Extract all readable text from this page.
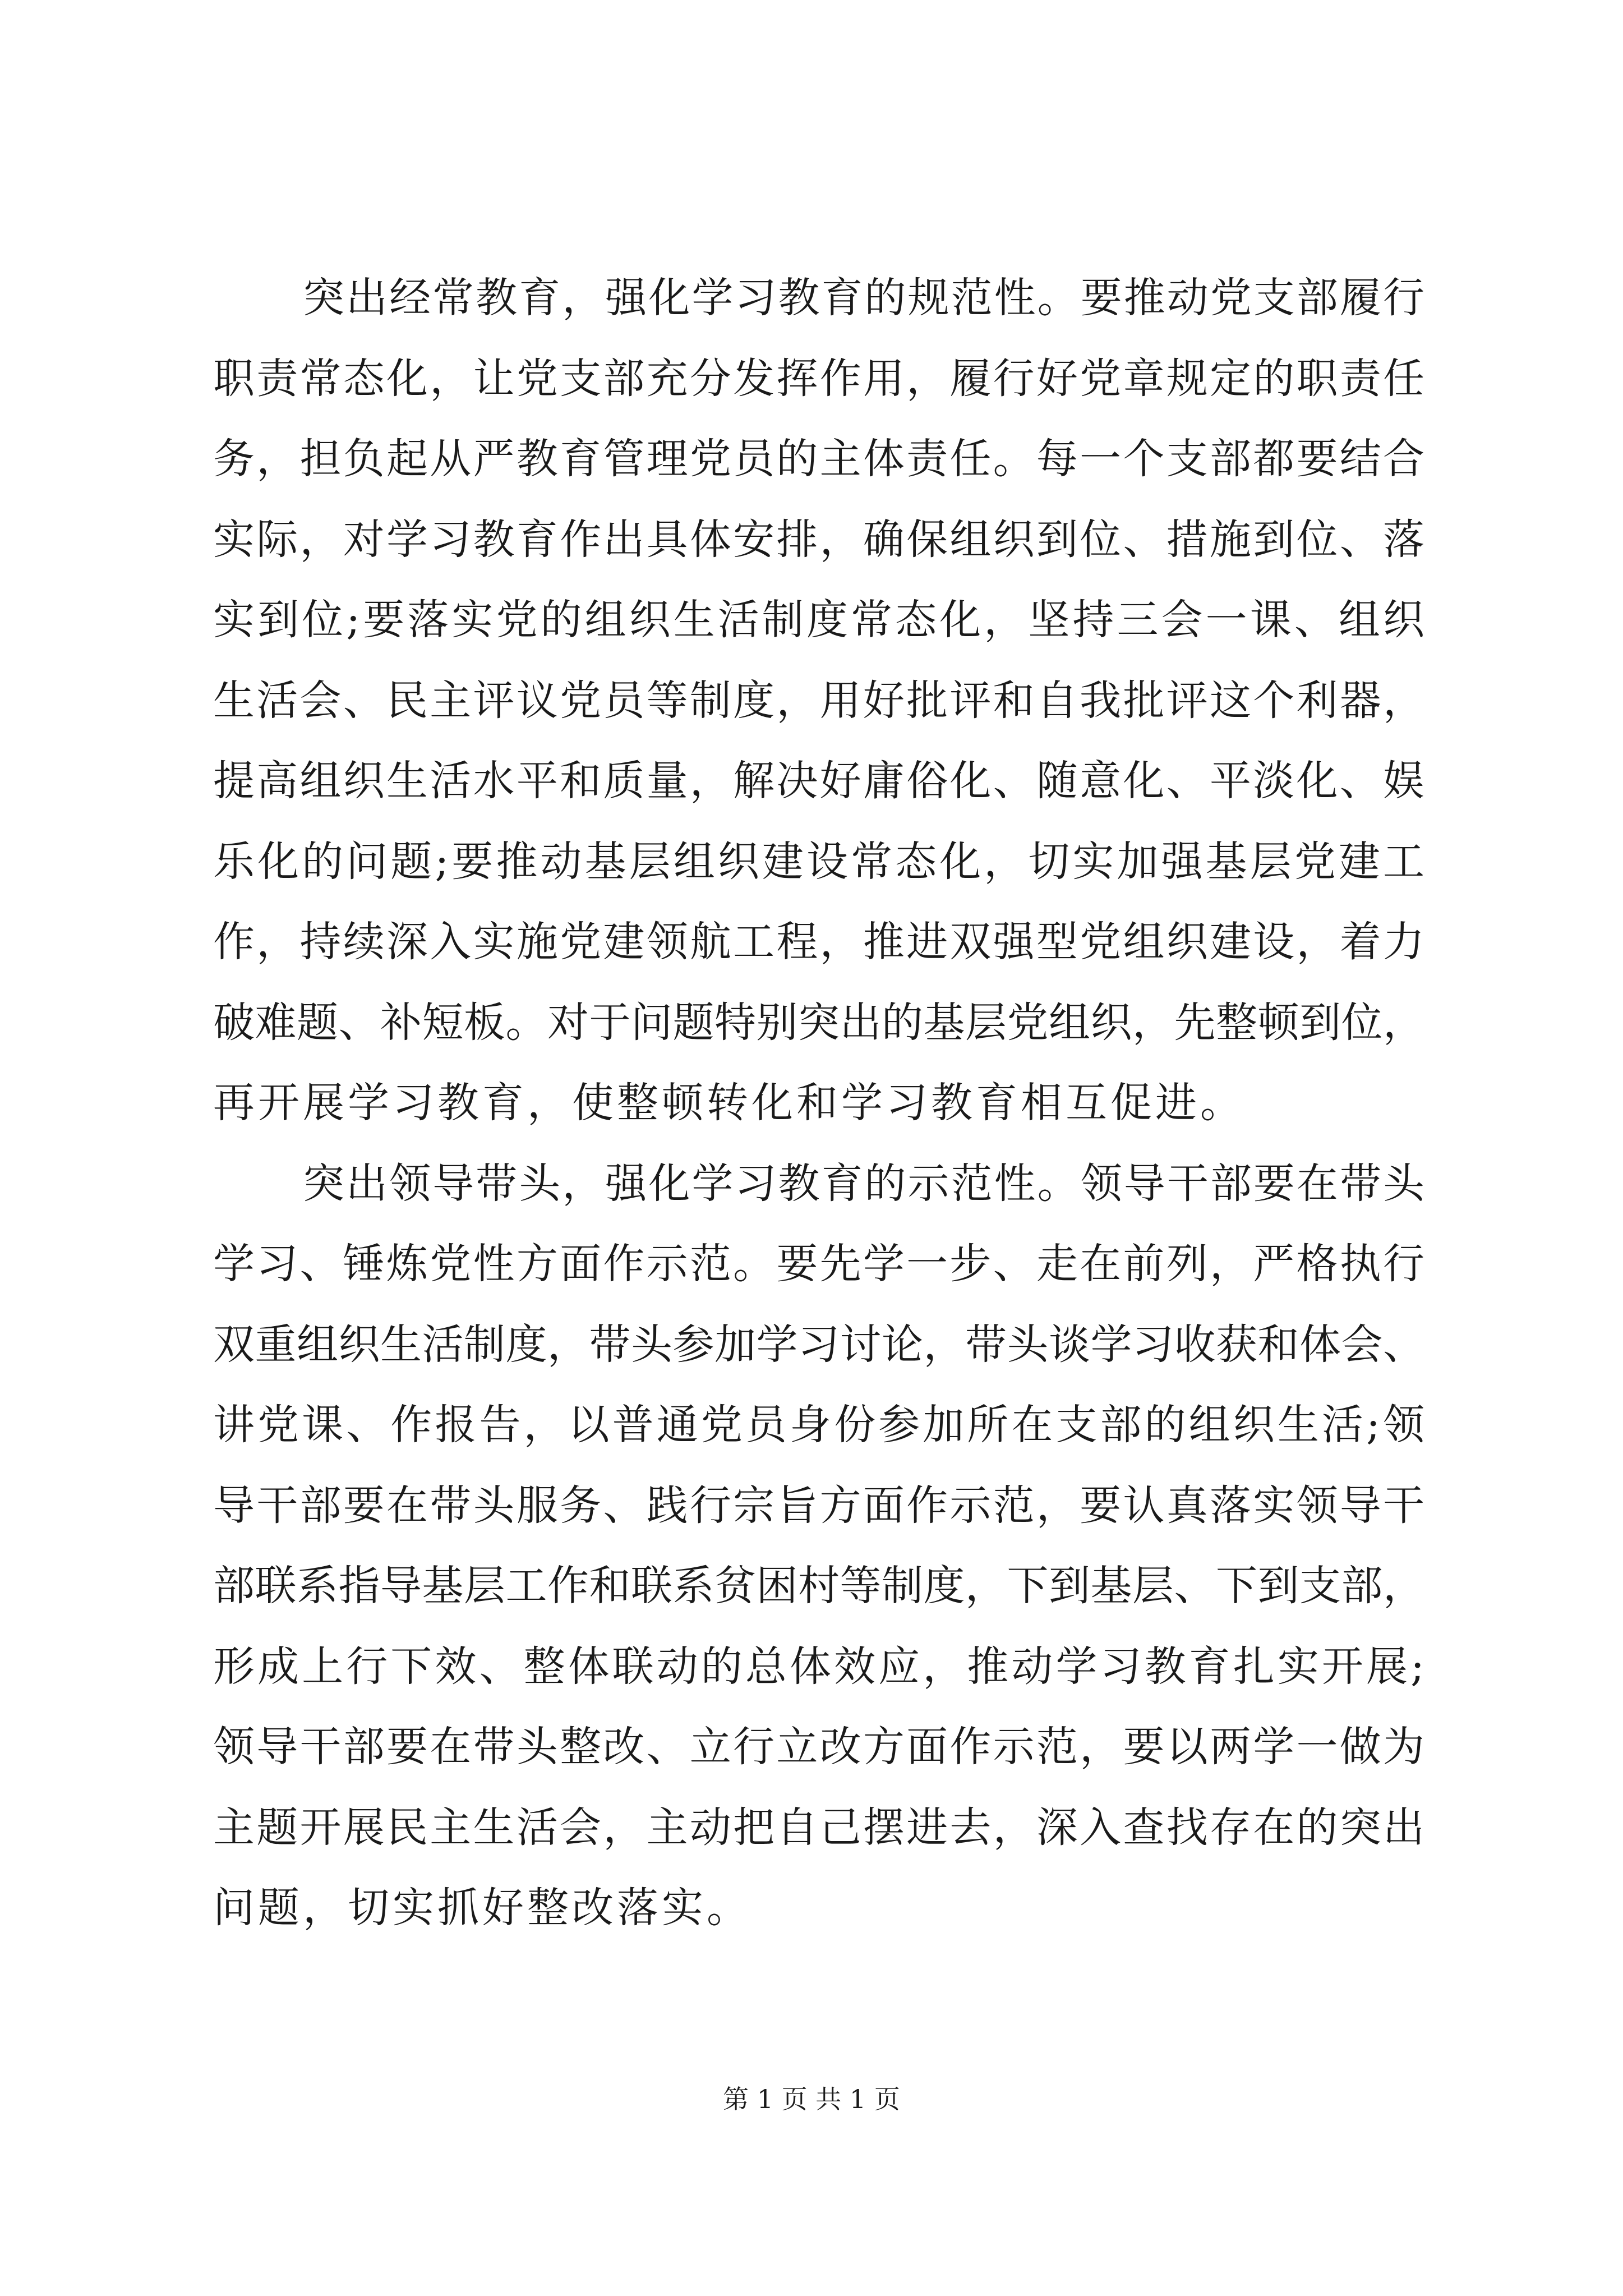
突出经常教育，强化学习教育的规范性。要推动党支部履行
职责常态化，让党支部充分发挥作用，履行好党章规定的职责任
务，担负起从严教育管理党员的主体责任。每一个支部都要结合
实际，对学习教育作出具体安排，确保组织到位、措施到位、落
实到位;要落实党的组织生活制度常态化，坚持三会一课、组织
生活会、民主评议党员等制度，用好批评和自我批评这个利器，
提高组织生活水平和质量，解决好庸俗化、随意化、平淡化、娱
乐化的问题;要推动基层组织建设常态化，切实加强基层党建工
作，持续深入实施党建领航工程，推进双强型党组织建设，着力
破难题、补短板。对于问题特别突出的基层党组织，先整顿到位，
再开展学习教育，使整顿转化和学习教育相互促进。
突出领导带头，强化学习教育的示范性。领导干部要在带头
学习、锤炼党性方面作示范。要先学一步、走在前列，严格执行
双重组织生活制度，带头参加学习讨论，带头谈学习收获和体会、
讲党课、作报告，以普通党员身份参加所在支部的组织生活;领
导干部要在带头服务、践行宗旨方面作示范，要认真落实领导干
部联系指导基层工作和联系贫困村等制度，下到基层、下到支部，
形成上行下效、整体联动的总体效应，推动学习教育扎实开展;
领导干部要在带头整改、立行立改方面作示范，要以两学一做为
主题开展民主生活会，主动把自己摆进去，深入查找存在的突出
问题，切实抓好整改落实。
第 1 页 共 1 页
